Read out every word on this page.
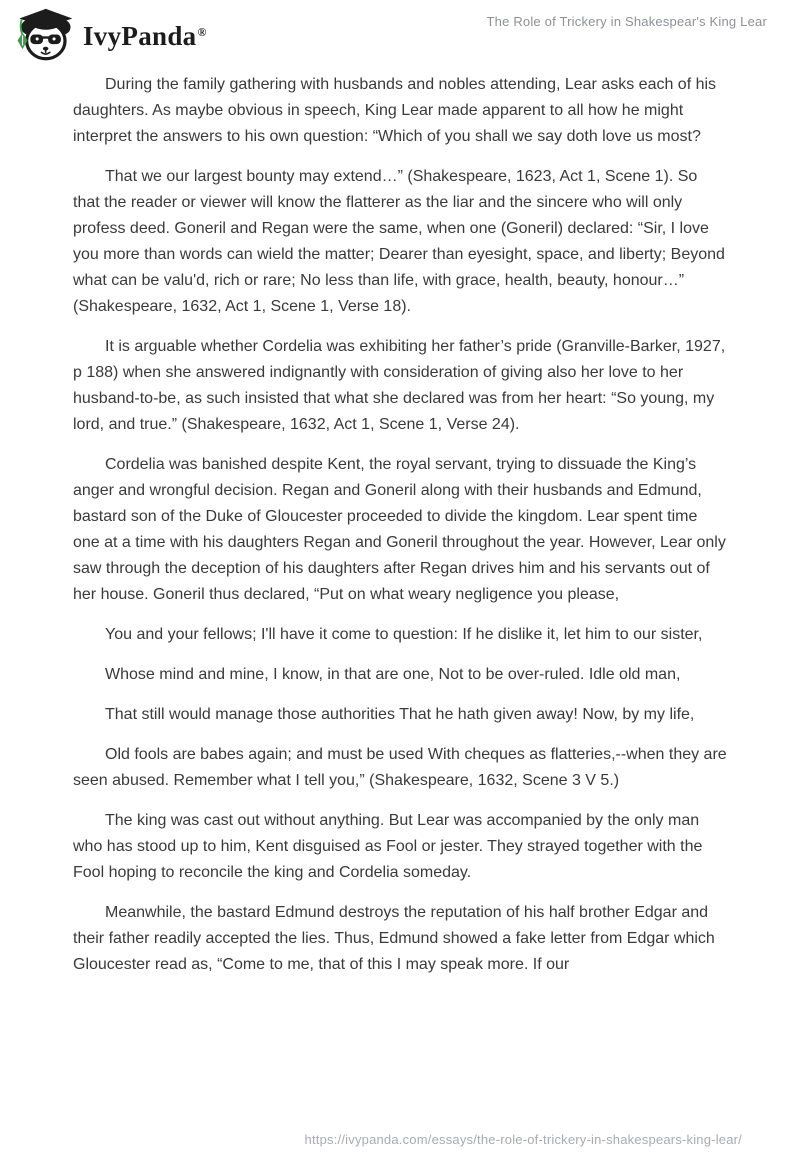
IvyPanda®
The Role of Trickery in Shakespear's King Lear

During the family gathering with husbands and nobles attending, Lear asks each of his daughters. As maybe obvious in speech, King Lear made apparent to all how he might interpret the answers to his own question: “Which of you shall we say doth love us most?

That we our largest bounty may extend…” (Shakespeare, 1623, Act 1, Scene 1). So that the reader or viewer will know the flatterer as the liar and the sincere who will only profess deed. Goneril and Regan were the same, when one (Goneril) declared: “Sir, I love you more than words can wield the matter; Dearer than eyesight, space, and liberty; Beyond what can be valu'd, rich or rare; No less than life, with grace, health, beauty, honour…” (Shakespeare, 1632, Act 1, Scene 1, Verse 18).

It is arguable whether Cordelia was exhibiting her father’s pride (Granville-Barker, 1927, p 188) when she answered indignantly with consideration of giving also her love to her husband-to-be, as such insisted that what she declared was from her heart: “So young, my lord, and true.” (Shakespeare, 1632, Act 1, Scene 1, Verse 24).

Cordelia was banished despite Kent, the royal servant, trying to dissuade the King’s anger and wrongful decision. Regan and Goneril along with their husbands and Edmund, bastard son of the Duke of Gloucester proceeded to divide the kingdom. Lear spent time one at a time with his daughters Regan and Goneril throughout the year. However, Lear only saw through the deception of his daughters after Regan drives him and his servants out of her house. Goneril thus declared, “Put on what weary negligence you please,

You and your fellows; I'll have it come to question: If he dislike it, let him to our sister,

Whose mind and mine, I know, in that are one, Not to be over-ruled. Idle old man,

That still would manage those authorities That he hath given away! Now, by my life,

Old fools are babes again; and must be used With cheques as flatteries,--when they are seen abused. Remember what I tell you,” (Shakespeare, 1632, Scene 3 V 5.)

The king was cast out without anything. But Lear was accompanied by the only man who has stood up to him, Kent disguised as Fool or jester. They strayed together with the Fool hoping to reconcile the king and Cordelia someday.

Meanwhile, the bastard Edmund destroys the reputation of his half brother Edgar and their father readily accepted the lies. Thus, Edmund showed a fake letter from Edgar which Gloucester read as, “Come to me, that of this I may speak more. If our

https://ivypanda.com/essays/the-role-of-trickery-in-shakespears-king-lear/
